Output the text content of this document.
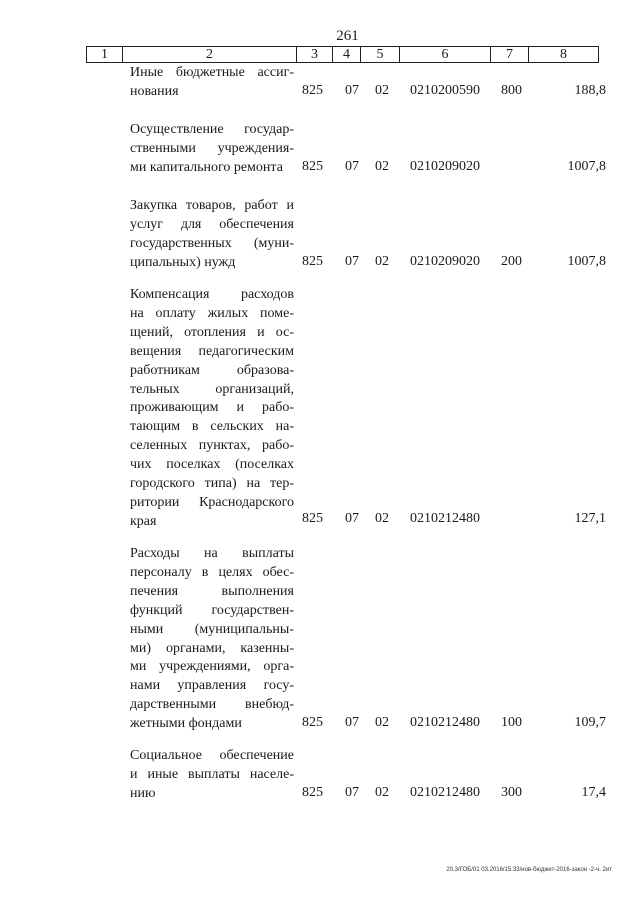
261
1	2	3	4	5	6	7	8
Иные бюджетные ассиг-
нования	825 07 02 0210200590 800	188,8
Осуществление государ-
ственными учреждения-
ми капитального ремонта	825 07 02 0210209020	1007,8
Закупка товаров, работ и
услуг для обеспечения
государственных (муни-
ципальных) нужд	825 07 02 0210209020 200	1007,8
Компенсация расходов
на оплату жилых поме-
щений, отопления и ос-
вещения педагогическим
работникам образова-
тельных организаций,
проживающим и рабо-
тающим в сельских на-
селенных пунктах, рабо-
чих поселках (поселках
городского типа) на тер-
ритории Краснодарского
края	825 07 02 0210212480	127,1
Расходы на выплаты
персоналу в целях обес-
печения выполнения
функций государствен-
ными (муниципальны-
ми) органами, казенны-
ми учреждениями, орга-
нами управления госу-
дарственными внебюд-
жетными фондами	825 07 02 0210212480 100	109,7
Социальное обеспечение
и иные выплаты населе-
нию	825 07 02 0210212480 300	17,4
20.3/ГОБ/01 03.2016/15:33/нов-бюджет-2016-закон -2-ч. 2ит
